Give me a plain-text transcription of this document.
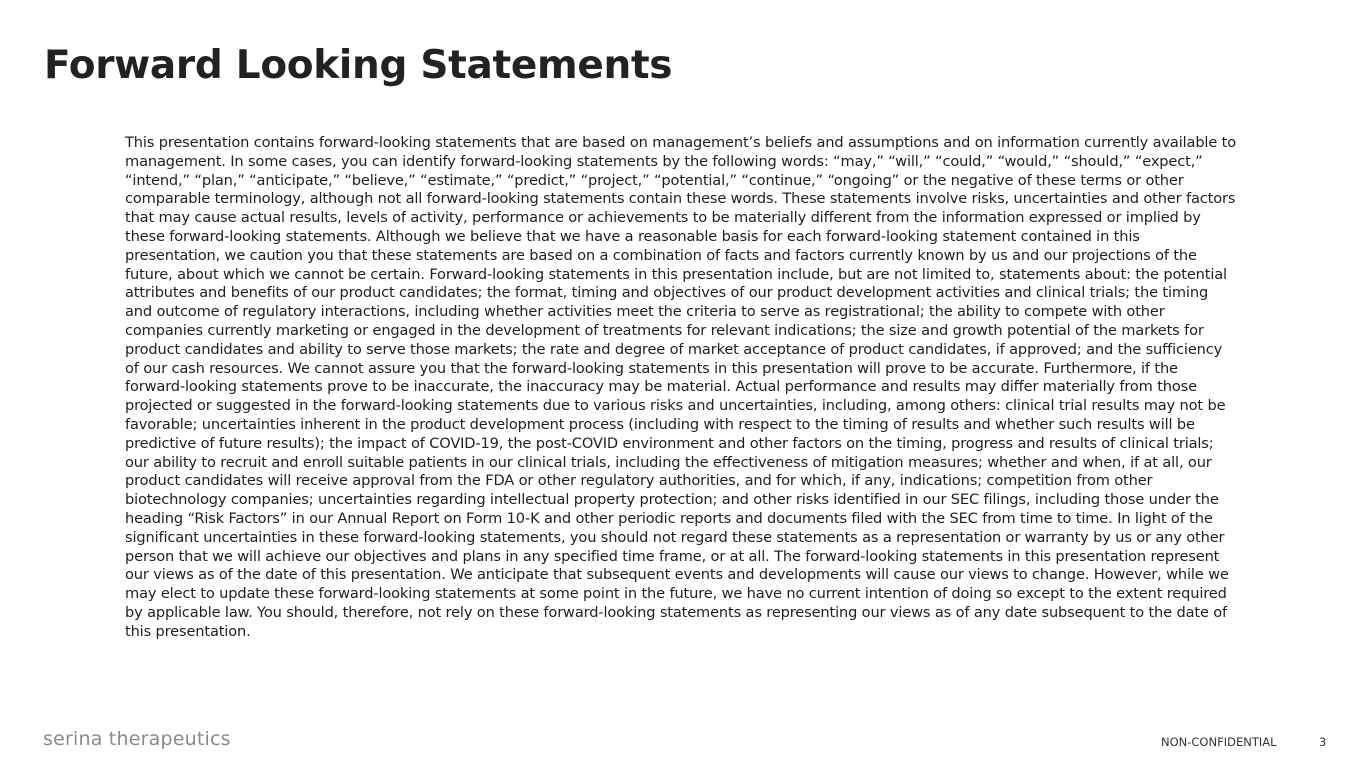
Forward Looking Statements

This presentation contains forward-looking statements that are based on management’s beliefs and assumptions and on information currently available to management. In some cases, you can identify forward-looking statements by the following words: “may,” “will,” “could,” “would,” “should,” “expect,” “intend,” “plan,” “anticipate,” “believe,” “estimate,” “predict,” “project,” “potential,” “continue,” “ongoing” or the negative of these terms or other comparable terminology, although not all forward-looking statements contain these words. These statements involve risks, uncertainties and other factors that may cause actual results, levels of activity, performance or achievements to be materially different from the information expressed or implied by these forward-looking statements. Although we believe that we have a reasonable basis for each forward-looking statement contained in this presentation, we caution you that these statements are based on a combination of facts and factors currently known by us and our projections of the future, about which we cannot be certain. Forward-looking statements in this presentation include, but are not limited to, statements about: the potential attributes and benefits of our product candidates; the format, timing and objectives of our product development activities and clinical trials; the timing and outcome of regulatory interactions, including whether activities meet the criteria to serve as registrational; the ability to compete with other companies currently marketing or engaged in the development of treatments for relevant indications; the size and growth potential of the markets for product candidates and ability to serve those markets; the rate and degree of market acceptance of product candidates, if approved; and the sufficiency of our cash resources. We cannot assure you that the forward-looking statements in this presentation will prove to be accurate. Furthermore, if the forward-looking statements prove to be inaccurate, the inaccuracy may be material. Actual performance and results may differ materially from those projected or suggested in the forward-looking statements due to various risks and uncertainties, including, among others: clinical trial results may not be favorable; uncertainties inherent in the product development process (including with respect to the timing of results and whether such results will be predictive of future results); the impact of COVID-19, the post-COVID environment and other factors on the timing, progress and results of clinical trials; our ability to recruit and enroll suitable patients in our clinical trials, including the effectiveness of mitigation measures; whether and when, if at all, our product candidates will receive approval from the FDA or other regulatory authorities, and for which, if any, indications; competition from other biotechnology companies; uncertainties regarding intellectual property protection; and other risks identified in our SEC filings, including those under the heading “Risk Factors” in our Annual Report on Form 10-K and other periodic reports and documents filed with the SEC from time to time. In light of the significant uncertainties in these forward-looking statements, you should not regard these statements as a representation or warranty by us or any other person that we will achieve our objectives and plans in any specified time frame, or at all. The forward-looking statements in this presentation represent our views as of the date of this presentation. We anticipate that subsequent events and developments will cause our views to change. However, while we may elect to update these forward-looking statements at some point in the future, we have no current intention of doing so except to the extent required by applicable law. You should, therefore, not rely on these forward-looking statements as representing our views as of any date subsequent to the date of this presentation.

serina therapeutics	NON-CONFIDENTIAL	3
